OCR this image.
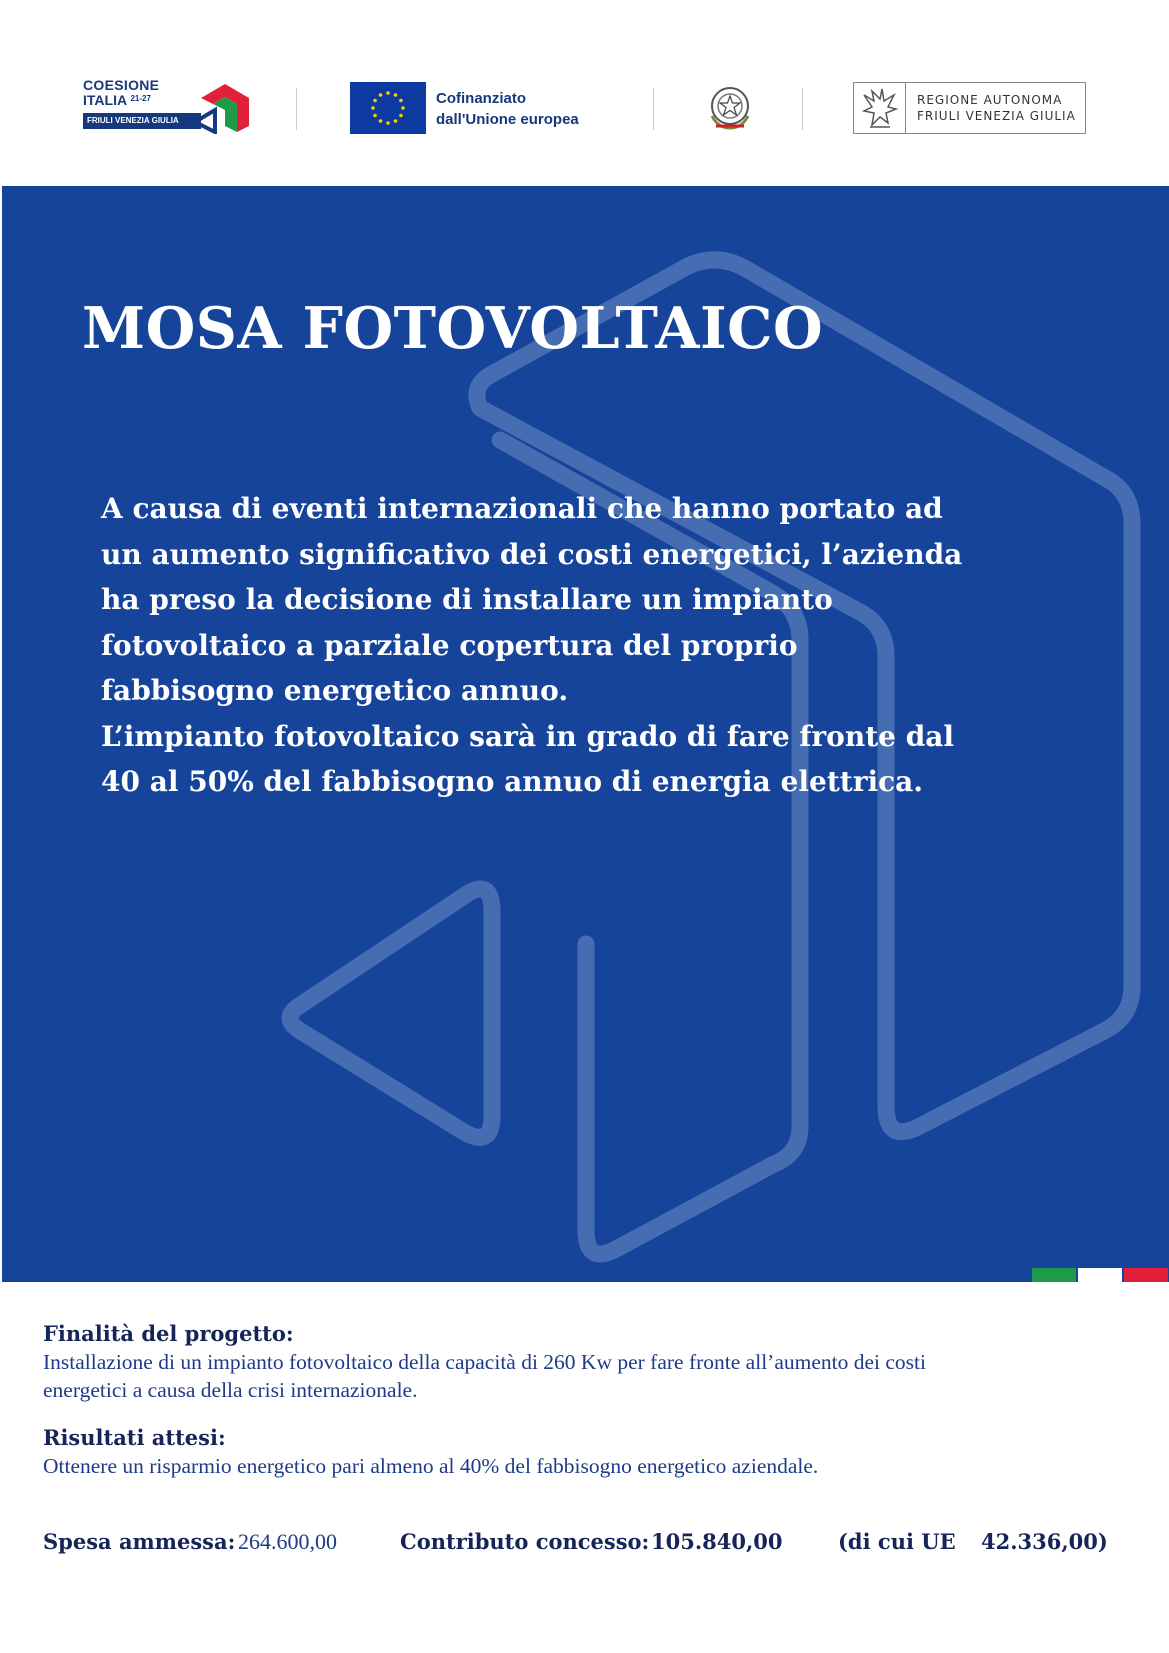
COESIONE
ITALIA $^{21-27}$
FRIULI VENEZIA GIULIA
Cofinanziato
dall'Unione europea
REGIONE AUTONOMA
FRIULI VENEZIA GIULIA
MOSA FOTOVOLTAICO

A causa di eventi internazionali che hanno portato ad
un aumento significativo dei costi energetici, l’azienda
ha preso la decisione di installare un impianto
fotovoltaico a parziale copertura del proprio
fabbisogno energetico annuo.
L’impianto fotovoltaico sarà in grado di fare fronte dal
40 al 50% del fabbisogno annuo di energia elettrica.

Finalità del progetto:

Installazione di un impianto fotovoltaico della capacità di 260 Kw per fare fronte all’aumento dei costi
energetici a causa della crisi internazionale.

Risultati attesi:

Ottenere un risparmio energetico pari almeno al 40% del fabbisogno energetico aziendale.

Spesa ammessa: 264.600,00	Contributo concesso: 105.840,00	(di cui UE 42.336,00)
